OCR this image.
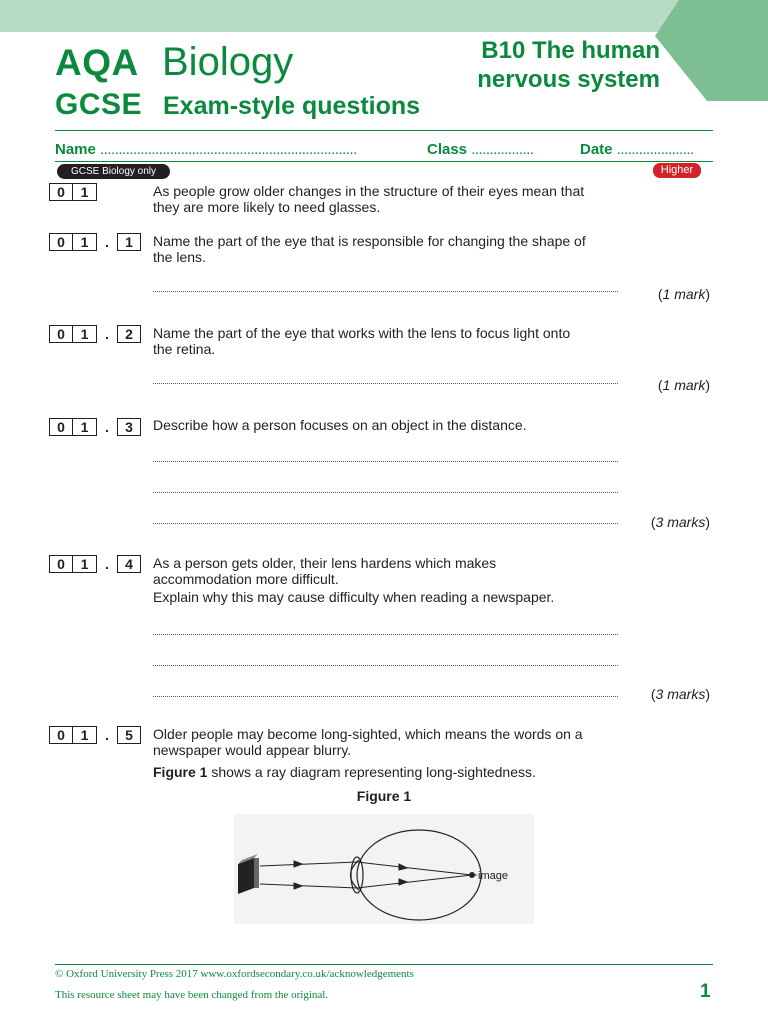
AQA Biology
GCSE Exam-style questions
B10 The human
nervous system
Name ......................................................................	Class .................	Date .....................
GCSE Biology only	Higher
0	1	As people grow older changes in the structure of their eyes mean that they are more likely to need glasses.
0	1	.	1	Name the part of the eye that is responsible for changing the shape of the lens.
(1 mark)
0	1	.	2	Name the part of the eye that works with the lens to focus light onto the retina.
(1 mark)
0	1	.	3	Describe how a person focuses on an object in the distance.
(3 marks)
0	1	.	4	As a person gets older, their lens hardens which makes accommodation more difficult.
Explain why this may cause difficulty when reading a newspaper.
(3 marks)
0	1	.	5	Older people may become long-sighted, which means the words on a newspaper would appear blurry.
Figure 1 shows a ray diagram representing long-sightedness.
Figure 1
image
© Oxford University Press 2017 www.oxfordsecondary.co.uk/acknowledgements
This resource sheet may have been changed from the original.	1
